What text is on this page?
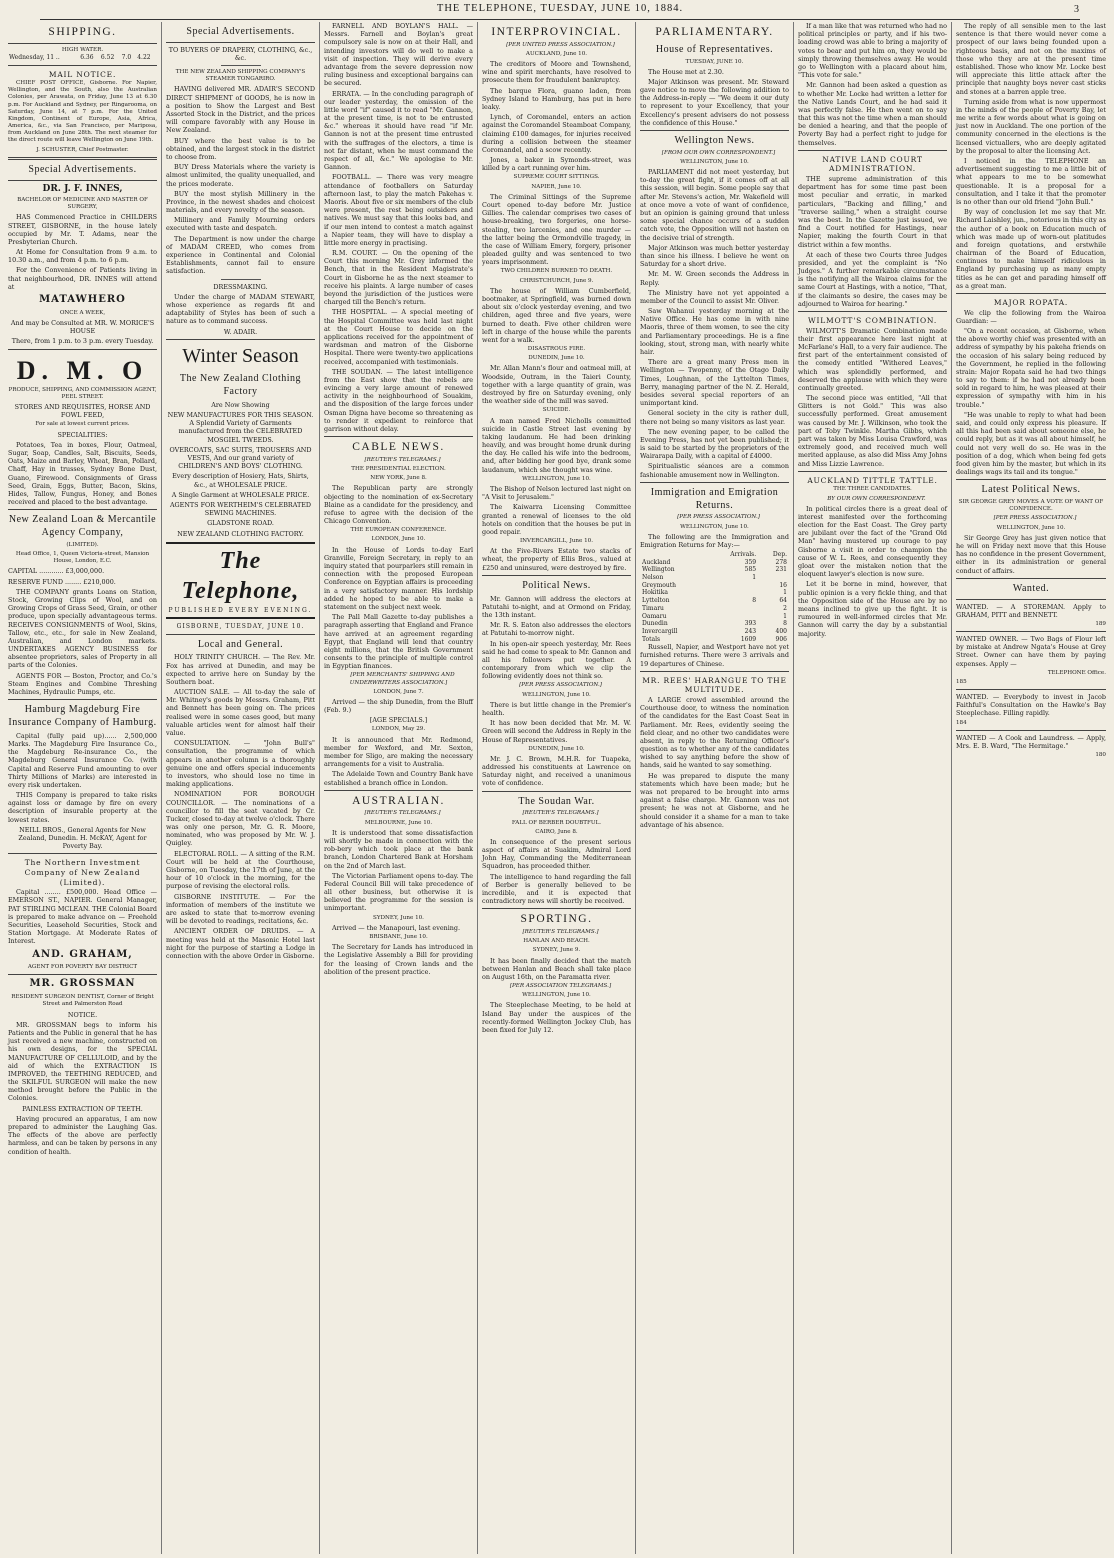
THE TELEPHONE, TUESDAY, JUNE 10, 1884.	3
SHIPPING.
HIGH WATER.
Wednesday, 11 ..	6.36	6.52	7.0	4.22
MAIL NOTICE.

CHIEF POST OFFICE, Gisborne. For Napier, Wellington, and the South, also the Australian Colonies, per Arawata, on Friday, June 13 at 6.30 p.m. For Auckland and Sydney, per Ringarooma, on Saturday, June 14, at 7 p.m. For the United Kingdom, Continent of Europe, Asia, Africa, America, &c., via San Francisco, per Mariposa, from Auckland on June 28th. The next steamer for the direct route will leave Wellington on June 19th.

J. SCHUSTER, Chief Postmaster.

Special Advertisements.
DR. J. F. INNES,

BACHELOR OF MEDICINE AND MASTER OF SURGERY,

HAS Commenced Practice in CHILDERS STREET, GISBORNE, in the house lately occupied by Mr. T. Adams, near the Presbyterian Church.

At Home for Consultation from 9 a.m. to 10.30 a.m., and from 4 p.m. to 6 p.m.

For the Convenience of Patients living in that neighbourhood, DR. INNES will attend at

MATAWHERO

ONCE A WEEK,

And may be Consulted at MR. W. MORICE'S HOUSE

There, from 1 p.m. to 3 p.m. every Tuesday.

D. M. O

PRODUCE, SHIPPING, AND COMMISSION AGENT, PEEL STREET.

STORES AND REQUISITES, HORSE AND FOWL FEED,

For sale at lowest current prices.

SPECIALITIES:

Potatoes, Tea in boxes, Flour, Oatmeal, Sugar, Soap, Candles, Salt, Biscuits, Seeds, Oats, Maize and Barley, Wheat, Bran, Pollard, Chaff, Hay in trusses, Sydney Bone Dust, Guano, Firewood. Consignments of Grass Seed, Grain, Eggs, Butter, Bacon, Skins, Hides, Tallow, Fungus, Honey, and Bones received and placed to the best advantage.

New Zealand Loan & Mercantile Agency Company,

(LIMITED).

Head Office, 1, Queen Victoria-street, Mansion House, London, E.C.

CAPITAL ............ £3,000,000.

RESERVE FUND ........ £210,000.

THE COMPANY grants Loans on Station, Stock, Growing Clips of Wool, and on Growing Crops of Grass Seed, Grain, or other produce, upon specially advantageous terms. RECEIVES CONSIGNMENTS of Wool, Skins, Tallow, etc., etc., for sale in New Zealand, Australian, and London markets. UNDERTAKES AGENCY BUSINESS for absentee proprietors, sales of Property in all parts of the Colonies.

AGENTS FOR — Boston, Proctor, and Co.'s Steam Engines and Combine Threshing Machines, Hydraulic Pumps, etc.

Hamburg Magdeburg Fire Insurance Company of Hamburg.

Capital (fully paid up)...... 2,500,000 Marks. The Magdeburg Fire Insurance Co., the Magdeburg Re-insurance Co., the Magdeburg General Insurance Co. (with Capital and Reserve Fund amounting to over Thirty Millions of Marks) are interested in every risk undertaken.

THIS Company is prepared to take risks against loss or damage by fire on every description of insurable property at the lowest rates.

NEILL BROS., General Agents for New Zealand, Dunedin. H. McKAY, Agent for Poverty Bay.

The Northern Investment Company of New Zealand (Limited).

Capital ........ £500,000. Head Office — EMERSON ST., NAPIER. General Manager, PAT STIRLING MCLEAN. THE Colonial Board is prepared to make advance on — Freehold Securities, Leasehold Securities, Stock and Station Mortgage. At Moderate Rates of Interest.

AND. GRAHAM,

AGENT FOR POVERTY BAY DISTRICT

MR. GROSSMAN

RESIDENT SURGEON DENTIST, Corner of Bright Street and Palmerston Road

NOTICE.

MR. GROSSMAN begs to inform his Patients and the Public in general that he has just received a new machine, constructed on his own designs, for the SPECIAL MANUFACTURE OF CELLULOID, and by the aid of which the EXTRACTION IS IMPROVED, the TEETHING REDUCED, and the SKILFUL SURGEON will make the new method brought before the Public in the Colonies.

PAINLESS EXTRACTION OF TEETH.

Having procured an apparatus, I am now prepared to administer the Laughing Gas. The effects of the above are perfectly harmless, and can be taken by persons in any condition of health.

Special Advertisements.

TO BUYERS OF DRAPERY, CLOTHING, &c., &c.

THE NEW ZEALAND SHIPPING COMPANY'S STEAMER TONGARIRO.

HAVING delivered MR. ADAIR'S SECOND DIRECT SHIPMENT of GOODS, he is now in a position to Show the Largest and Best Assorted Stock in the District, and the prices will compare favorably with any House in New Zealand.

BUY where the best value is to be obtained, and the largest stock in the district to choose from.

BUY Dress Materials where the variety is almost unlimited, the quality unequalled, and the prices moderate.

BUY the most stylish Millinery in the Province, in the newest shades and choicest materials, and every novelty of the season.

Millinery and Family Mourning orders executed with taste and despatch.

The Department is now under the charge of MADAM CREED, who comes from experience in Continental and Colonial Establishments, cannot fail to ensure satisfaction.

DRESSMAKING.

Under the charge of MADAM STEWART, whose experience as regards fit and adaptability of Styles has been of such a nature as to command success.

W. ADAIR.

Winter Season
The New Zealand Clothing Factory

Are Now Showing

NEW MANUFACTURES FOR THIS SEASON. A Splendid Variety of Garments manufactured from the CELEBRATED MOSGIEL TWEEDS.

OVERCOATS, SAC SUITS, TROUSERS AND VESTS, And our grand variety of CHILDREN'S AND BOYS' CLOTHING.

Every description of Hosiery, Hats, Shirts, &c., at WHOLESALE PRICE.

A Single Garment at WHOLESALE PRICE.

AGENTS FOR WERTHEIM'S CELEBRATED SEWING MACHINES.

GLADSTONE ROAD.

NEW ZEALAND CLOTHING FACTORY.

The Telephone,
PUBLISHED EVERY EVENING.
GISBORNE, TUESDAY, JUNE 10.
Local and General.

HOLY TRINITY CHURCH. — The Rev. Mr. Fox has arrived at Dunedin, and may be expected to arrive here on Sunday by the Southern boat.

AUCTION SALE. — All to-day the sale of Mr. Whitney's goods by Messrs. Graham, Pitt and Bennett has been going on. The prices realised were in some cases good, but many valuable articles went for almost half their value.

CONSULTATION. — "John Bull's" consultation, the programme of which appears in another column is a thoroughly genuine one and offers special inducements to investors, who should lose no time in making applications.

NOMINATION FOR BOROUGH COUNCILLOR. — The nominations of a councillor to fill the seat vacated by Cr. Tucker, closed to-day at twelve o'clock. There was only one person, Mr. G. R. Moore, nominated, who was proposed by Mr. W. J. Quigley.

ELECTORAL ROLL. — A sitting of the R.M. Court will be held at the Courthouse, Gisborne, on Tuesday, the 17th of June, at the hour of 10 o'clock in the morning, for the purpose of revising the electoral rolls.

GISBORNE INSTITUTE. — For the information of members of the institute we are asked to state that to-morrow evening will be devoted to readings, recitations, &c.

ANCIENT ORDER OF DRUIDS. — A meeting was held at the Masonic Hotel last night for the purpose of starting a Lodge in connection with the above Order in Gisborne.

FARNELL AND BOYLAN'S HALL. — Messrs. Farnell and Boylan's great compulsory sale is now on at their Hall, and intending investors will do well to make a visit of inspection. They will derive every advantage from the severe depression now ruling business and exceptional bargains can be secured.

ERRATA. — In the concluding paragraph of our leader yesterday, the omission of the little word "if" caused it to read "Mr. Gannon, at the present time, is not to be entrusted &c." whereas it should have read "if Mr. Gannon is not at the present time entrusted with the suffrages of the electors, a time is not far distant, when he must command the respect of all, &c." We apologise to Mr. Gannon.

FOOTBALL. — There was very meagre attendance of footballers on Saturday afternoon last, to play the match Pakehas v. Maoris. About five or six members of the club were present, the rest being outsiders and natives. We must say that this looks bad, and if our men intend to contest a match against a Napier team, they will have to display a little more energy in practising.

R.M. COURT. — On the opening of the Court this morning Mr. Grey informed the Bench, that in the Resident Magistrate's Court in Gisborne he as the next steamer to receive his plaints. A large number of cases beyond the jurisdiction of the justices were charged till the Bench's return.

THE HOSPITAL. — A special meeting of the Hospital Committee was held last night at the Court House to decide on the applications received for the appointment of wardsman and matron of the Gisborne Hospital. There were twenty-two applications received, accompanied with testimonials.

THE SOUDAN. — The latest intelligence from the East show that the rebels are evincing a very large amount of renewed activity in the neighbourhood of Souakim, and the disposition of the large forces under Osman Digna have become so threatening as to render it expedient to reinforce that garrison without delay.

CABLE NEWS.

[REUTER'S TELEGRAMS.]

THE PRESIDENTIAL ELECTION.

NEW YORK, June 8.

The Republican party are strongly objecting to the nomination of ex-Secretary Blaine as a candidate for the presidency, and refuse to agree with the decision of the Chicago Convention.

THE EUROPEAN CONFERENCE.

LONDON, June 10.

In the House of Lords to-day Earl Granville, Foreign Secretary, in reply to an inquiry stated that pourparlers still remain in connection with the proposed European Conference on Egyptian affairs is proceeding in a very satisfactory manner. His lordship added he hoped to be able to make a statement on the subject next week.

The Pall Mall Gazette to-day publishes a paragraph asserting that England and France have arrived at an agreement regarding Egypt, that England will lend that country eight millions, that the British Government consents to the principle of multiple control in Egyptian finances.

[PER MERCHANTS' SHIPPING AND UNDERWRITERS ASSOCIATION.]

LONDON, June 7.

Arrived — the ship Dunedin, from the Bluff (Feb. 9.)

[AGE SPECIALS.]

LONDON, May 29.

It is announced that Mr. Redmond, member for Wexford, and Mr. Sexton, member for Sligo, are making the necessary arrangements for a visit to Australia.

The Adelaide Town and Country Bank have established a branch office in London.

AUSTRALIAN.

[REUTER'S TELEGRAMS.]

MELBOURNE, June 10.

It is understood that some dissatisfaction will shortly be made in connection with the rob-bery which took place at the bank branch, London Chartered Bank at Horsham on the 2nd of March last.

The Victorian Parliament opens to-day. The Federal Council Bill will take precedence of all other business, but otherwise it is believed the programme for the session is unimportant.

SYDNEY, June 10.

Arrived — the Manapouri, last evening.

BRISBANE, June 10.

The Secretary for Lands has introduced in the Legislative Assembly a Bill for providing for the leasing of Crown lands and the abolition of the present practice.

INTERPROVINCIAL.

[PER UNITED PRESS ASSOCIATION.]

AUCKLAND, June 10.

The creditors of Moore and Townshend, wine and spirit merchants, have resolved to prosecute them for fraudulent bankruptcy.

The barque Flora, guano laden, from Sydney Island to Hamburg, has put in here leaky.

Lynch, of Coromandel, enters an action against the Coromandel Steamboat Company, claiming £100 damages, for injuries received during a collision between the steamer Coromandel, and a scow recently.

Jones, a baker in Symonds-street, was killed by a cart running over him.

SUPREME COURT SITTINGS.

NAPIER, June 10.

The Criminal Sittings of the Supreme Court opened to-day before Mr. Justice Gillies. The calendar comprises two cases of house-breaking, two forgeries, one horse-stealing, two larcenies, and one murder — the latter being the Ormondville tragedy, in the case of William Emery, forgery, prisoner pleaded guilty and was sentenced to two years imprisonment.

TWO CHILDREN BURNED TO DEATH.

CHRISTCHURCH, June 9.

The house of William Cumberfield, bootmaker, at Springfield, was burned down about six o'clock yesterday evening, and two children, aged three and five years, were burned to death. Five other children were left in charge of the house while the parents went for a walk.

DISASTROUS FIRE.

DUNEDIN, June 10.

Mr. Allan Mann's flour and oatmeal mill, at Woodside, Outram, in the Taieri County, together with a large quantity of grain, was destroyed by fire on Saturday evening, only the weather side of the mill was saved.

SUICIDE.

A man named Fred Nicholls committed suicide in Castle Street last evening by taking laudanum. He had been drinking heavily, and was brought home drunk during the day. He called his wife into the bedroom, and, after bidding her good bye, drank some laudanum, which she thought was wine.

WELLINGTON, June 10.

The Bishop of Nelson lectured last night on "A Visit to Jerusalem."

The Kaiwarra Licensing Committee granted a renewal of licenses to the old hotels on condition that the houses be put in good repair.

INVERCARGILL, June 10.

At the Five-Rivers Estate two stacks of wheat, the property of Ellis Bros., valued at £250 and uninsured, were destroyed by fire.

Political News.

Mr. Gannon will address the electors at Patutahi to-night, and at Ormond on Friday, the 13th instant.

Mr. R. S. Eaton also addresses the electors at Patutahi to-morrow night.

In his open-air speech yesterday, Mr. Rees said he had come to speak to Mr. Gannon and all his followers put together. A contemporary from which we clip the following evidently does not think so.

[PER PRESS ASSOCIATION.]

WELLINGTON, June 10.

There is but little change in the Premier's health.

It has now been decided that Mr. M. W. Green will second the Address in Reply in the House of Representatives.

DUNEDIN, June 10.

Mr. J. C. Brown, M.H.R. for Tuapeka, addressed his constituents at Lawrence on Saturday night, and received a unanimous vote of confidence.

The Soudan War.

[REUTER'S TELEGRAMS.]

FALL OF BERBER DOUBTFUL.

CAIRO, June 8.

In consequence of the present serious aspect of affairs at Suakim, Admiral Lord John Hay, Commanding the Mediterranean Squadron, has proceeded thither.

The intelligence to hand regarding the fall of Berber is generally believed to be incredible, and it is expected that contradictory news will shortly be received.

SPORTING.

[REUTER'S TELEGRAMS.]

HANLAN AND BEACH.

SYDNEY, June 9.

It has been finally decided that the match between Hanlan and Beach shall take place on August 16th, on the Paramatta river.

[PER ASSOCIATION TELEGRAMS.]

WELLINGTON, June 10.

The Steeplechase Meeting, to be held at Island Bay under the auspices of the recently-formed Wellington Jockey Club, has been fixed for July 12.

PARLIAMENTARY.
House of Representatives.

TUESDAY, JUNE 10.

The House met at 2.30.

Major Atkinson was present. Mr. Steward gave notice to move the following addition to the Address-in-reply — "We deem it our duty to represent to your Excellency, that your Excellency's present advisers do not possess the confidence of this House."

Wellington News.

[FROM OUR OWN CORRESPONDENT.]

WELLINGTON, June 10.

PARLIAMENT did not meet yesterday, but to-day the great fight, if it comes off at all this session, will begin. Some people say that after Mr. Stevens's action, Mr. Wakefield will at once move a vote of want of confidence, but an opinion is gaining ground that unless some special chance occurs of a sudden catch vote, the Opposition will not hasten on the decisive trial of strength.

Major Atkinson was much better yesterday than since his illness. I believe he went on Saturday for a short drive.

Mr. M. W. Green seconds the Address in Reply.

The Ministry have not yet appointed a member of the Council to assist Mr. Oliver.

Saw Wahanui yesterday morning at the Native Office. He has come in with nine Maoris, three of them women, to see the city and Parliamentary proceedings. He is a fine looking, stout, strong man, with nearly white hair.

There are a great many Press men in Wellington — Twopenny, of the Otago Daily Times, Loughnan, of the Lyttelton Times, Berry, managing partner of the N. Z. Herald, besides several special reporters of an unimportant kind.

General society in the city is rather dull, there not being so many visitors as last year.

The new evening paper, to be called the Evening Press, has not yet been published; it is said to be started by the proprietors of the Wairarapa Daily, with a capital of £4000.

Spiritualistic séances are a common fashionable amusement now in Wellington.

Immigration and Emigration Returns.

[PER PRESS ASSOCIATION.]

WELLINGTON, June 10.

The following are the Immigration and Emigration Returns for May:—

	Arrivals.	Dep.
Auckland	359	278
Wellington	585	231
Nelson	1	
Greymouth		16
Hokitika		1
Lyttelton	8	64
Timaru		2
Oamaru		1
Dunedin	393	8
Invercargill	243	400
Totals	1609	906

Russell, Napier, and Westport have not yet furnished returns. There were 3 arrivals and 19 departures of Chinese.

MR. REES' HARANGUE TO THE MULTITUDE.

A LARGE crowd assembled around the Courthouse door, to witness the nomination of the candidates for the East Coast Seat in Parliament. Mr. Rees, evidently seeing the field clear, and no other two candidates were absent, in reply to the Returning Officer's question as to whether any of the candidates wished to say anything before the show of hands, said he wanted to say something.

He was prepared to dispute the many statements which have been made; but he was not prepared to be brought into arms against a false charge. Mr. Gannon was not present; he was not at Gisborne, and he should consider it a shame for a man to take advantage of his absence.

If a man like that was returned who had no political principles or party, and if his two-loading crowd was able to bring a majority of votes to bear and put him on, they would be simply throwing themselves away. He would go to Wellington with a placard about him, "This vote for sale."

Mr. Gannon had been asked a question as to whether Mr. Locke had written a letter for the Native Lands Court, and he had said it was perfectly false. He then went on to say that this was not the time when a man should be denied a hearing, and that the people of Poverty Bay had a perfect right to judge for themselves.

NATIVE LAND COURT ADMINISTRATION.

THE supreme administration of this department has for some time past been most peculiar and erratic, in marked particulars, "Backing and filling," and "traverse sailing," when a straight course was the best. In the Gazette just issued, we find a Court notified for Hastings, near Napier, making the fourth Court in that district within a few months.

At each of these two Courts three Judges presided, and yet the complaint is "No Judges." A further remarkable circumstance is the notifying all the Wairoa claims for the same Court at Hastings, with a notice, "That, if the claimants so desire, the cases may be adjourned to Wairoa for hearing."

WILMOTT'S COMBINATION.

WILMOTT'S Dramatic Combination made their first appearance here last night at McFarlane's Hall, to a very fair audience. The first part of the entertainment consisted of the comedy entitled "Withered Leaves," which was splendidly performed, and deserved the applause with which they were continually greeted.

The second piece was entitled, "All that Glitters is not Gold." This was also successfully performed. Great amusement was caused by Mr. J. Wilkinson, who took the part of Toby Twinkle. Martha Gibbs, which part was taken by Miss Louisa Crawford, was extremely good, and received much well merited applause, as also did Miss Amy Johns and Miss Lizzie Lawrence.

AUCKLAND TITTLE TATTLE.

THE THREE CANDIDATES.

BY OUR OWN CORRESPONDENT.

In political circles there is a great deal of interest manifested over the forthcoming election for the East Coast. The Grey party are jubilant over the fact of the "Grand Old Man" having mustered up courage to pay Gisborne a visit in order to champion the cause of W. L. Rees, and consequently they gloat over the mistaken notion that the eloquent lawyer's election is now sure.

Let it be borne in mind, however, that public opinion is a very fickle thing, and that the Opposition side of the House are by no means inclined to give up the fight. It is rumoured in well-informed circles that Mr. Gannon will carry the day by a substantial majority.

The reply of all sensible men to the last sentence is that there would never come a prospect of our laws being founded upon a righteous basis, and not on the maxims of those who they are at the present time established. Those who know Mr. Locke best will appreciate this little attack after the principle that naughty boys never cast sticks and stones at a barren apple tree.

Turning aside from what is now uppermost in the minds of the people of Poverty Bay, let me write a few words about what is going on just now in Auckland. The one portion of the community concerned in the elections is the licensed victuallers, who are deeply agitated by the proposal to alter the licensing Act.

I noticed in the TELEPHONE an advertisement suggesting to me a little bit of what appears to me to be somewhat questionable. It is a proposal for a consultation, and I take it that the promoter is no other than our old friend "John Bull."

By way of conclusion let me say that Mr. Richard Laishley, jun., notorious in this city as the author of a book on Education much of which was made up of worn-out platitudes and foreign quotations, and erstwhile chairman of the Board of Education, continues to make himself ridiculous in England by purchasing up as many empty titles as he can get and parading himself off as a great man.

MAJOR ROPATA.

We clip the following from the Wairoa Guardian: —

"On a recent occasion, at Gisborne, when the above worthy chief was presented with an address of sympathy by his pakeha friends on the occasion of his salary being reduced by the Government, he replied in the following strain: Major Ropata said he had two things to say to them: if he had not already been sold in regard to him, he was pleased at their expression of sympathy with him in his trouble."

"He was unable to reply to what had been said, and could only express his pleasure. If all this had been said about someone else, he could reply, but as it was all about himself, he could not very well do so. He was in the position of a dog, which when being fed gets food given him by the master, but which in its dealings wags its tail and its tongue."

Latest Political News.

SIR GEORGE GREY MOVES A VOTE OF WANT OF CONFIDENCE.

[PER PRESS ASSOCIATION.]

WELLINGTON, June 10.

Sir George Grey has just given notice that he will on Friday next move that this House has no confidence in the present Government, either in its administration or general conduct of affairs.

Wanted.

WANTED. — A STOREMAN. Apply to GRAHAM, PITT and BENNETT.

189

WANTED OWNER. — Two Bags of Flour left by mistake at Andrew Ngata's House at Grey Street. Owner can have them by paying expenses. Apply —

TELEPHONE Office.

185

WANTED. — Everybody to invest in Jacob Faithful's Consultation on the Hawke's Bay Steeplechase. Filling rapidly.

184

WANTED — A Cook and Laundress. — Apply, Mrs. E. B. Ward, "The Hermitage."

180
